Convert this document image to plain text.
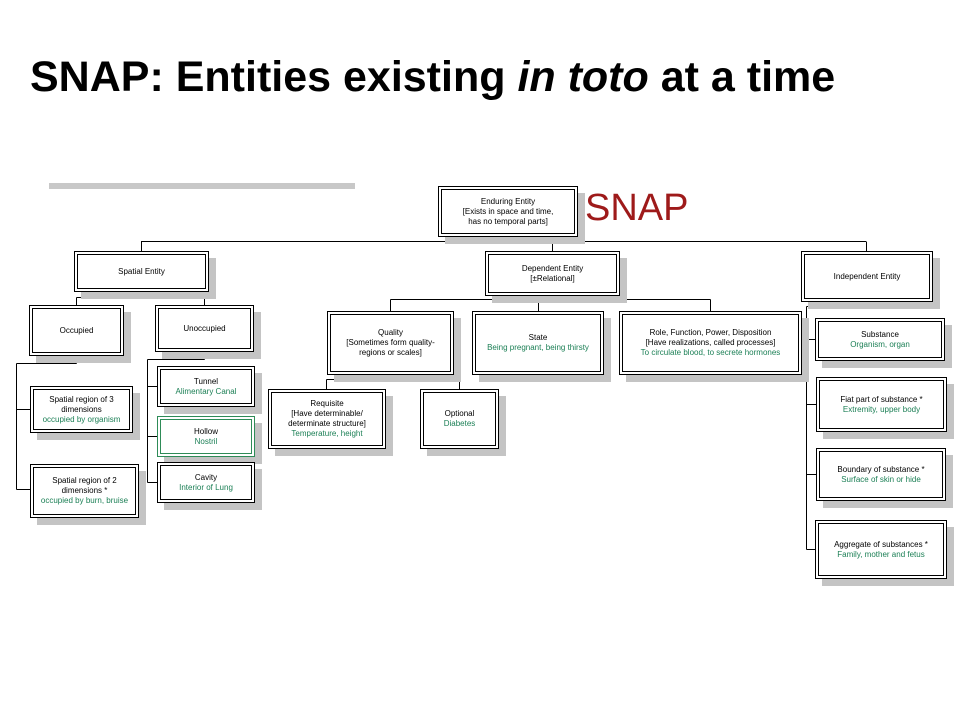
SNAP: Entities existing in toto at a time
SNAP
Enduring Entity
[Exists in space and time,
has no temporal parts]
Spatial Entity	Dependent Entity
[±Relational]	Independent Entity
Occupied	Unoccupied
Spatial region of 3
dimensions
occupied by organism
Spatial region of 2
dimensions *
occupied by burn, bruise
Tunnel
Alimentary Canal
Hollow
Nostril
Cavity
Interior of Lung
Quality
[Sometimes form quality-
regions or scales]
State
Being pregnant, being thirsty
Role, Function, Power, Disposition
[Have realizations, called processes]
To circulate blood, to secrete hormones
Requisite
[Have determinable/
determinate structure]
Temperature, height
Optional
Diabetes
Substance
Organism, organ
Fiat part of substance *
Extremity, upper body
Boundary of substance *
Surface of skin or hide
Aggregate of substances *
Family, mother and fetus
